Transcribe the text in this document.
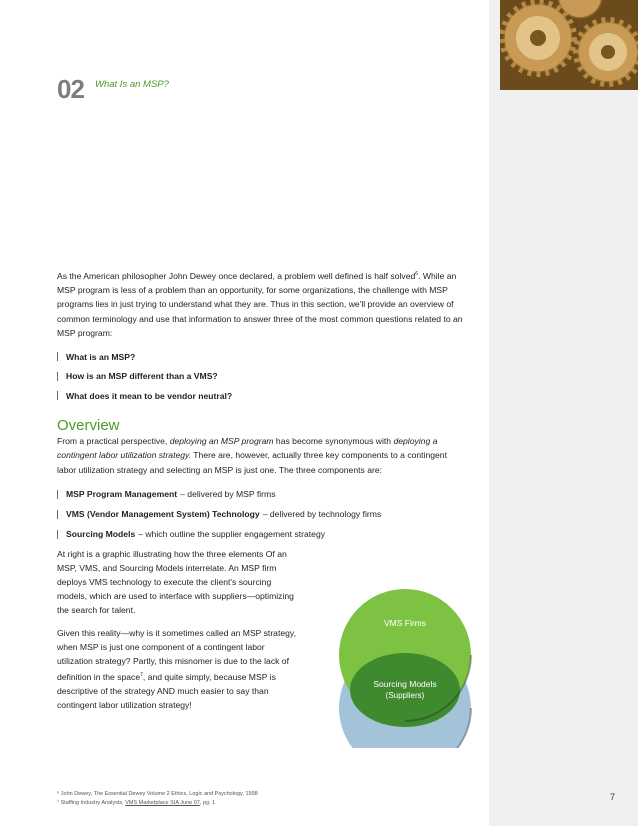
02 What Is an MSP?
As the American philosopher John Dewey once declared, a problem well defined is half solved$^6$. While an MSP program is less of a problem than an opportunity, for some organizations, the challenge with MSP programs lies in just trying to understand what they are. Thus in this section, we'll provide an overview of common terminology and use that information to answer three of the most common questions related to an MSP program:
What is an MSP?
How is an MSP different than a VMS?
What does it mean to be vendor neutral?
Overview
From a practical perspective, deploying an MSP program has become synonymous with deploying a contingent labor utilization strategy. There are, however, actually three key components to a contingent labor utilization strategy and selecting an MSP is just one. The three components are:
MSP Program Management – delivered by MSP firms
VMS (Vendor Management System) Technology – delivered by technology firms
Sourcing Models – which outline the supplier engagement strategy
At right is a graphic illustrating how the three elements Of an MSP, VMS, and Sourcing Models interrelate. An MSP firm deploys VMS technology to execute the client's sourcing models, which are used to interface with suppliers—optimizing the search for talent.
Given this reality—why is it sometimes called an MSP strategy, when MSP is just one component of a contingent labor utilization strategy? Partly, this misnomer is due to the lack of definition in the space$^7$, and quite simply, because MSP is descriptive of the strategy AND much easier to say than contingent labor utilization strategy!
VMS Firms
Sourcing Models
(Suppliers)
⁶ John Dewey, The Essential Dewey Volume 2 Ethics, Logic and Psychology, 1998
⁷ Staffing Industry Analysts, VMS Marketplace SIA June 07, pg. 1
7
